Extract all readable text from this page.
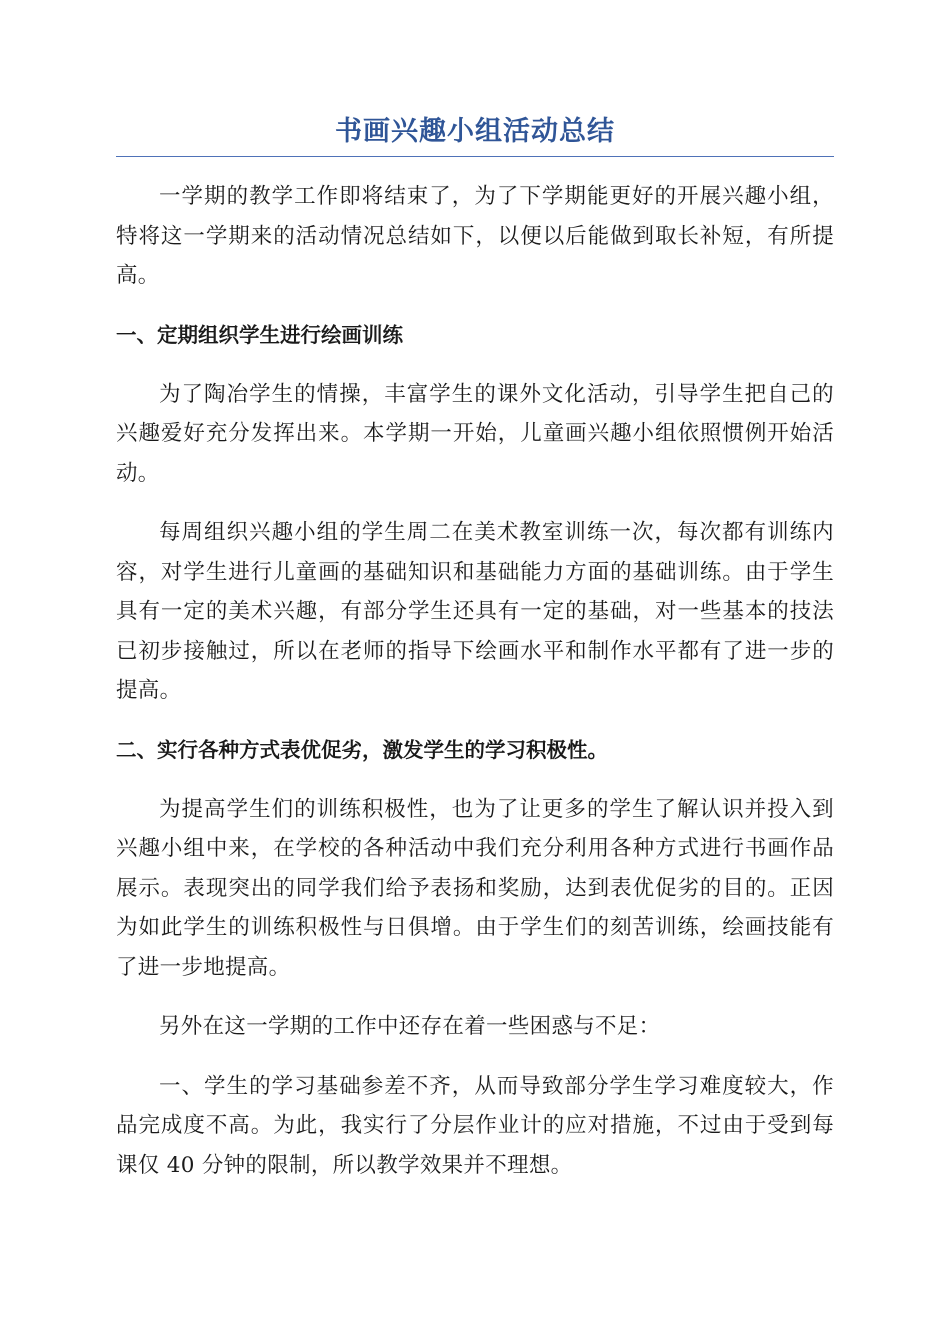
书画兴趣小组活动总结

一学期的教学工作即将结束了，为了下学期能更好的开展兴趣小组，特将这一学期来的活动情况总结如下，以便以后能做到取长补短，有所提高。

一、定期组织学生进行绘画训练

为了陶冶学生的情操，丰富学生的课外文化活动，引导学生把自己的兴趣爱好充分发挥出来。本学期一开始，儿童画兴趣小组依照惯例开始活动。

每周组织兴趣小组的学生周二在美术教室训练一次，每次都有训练内容，对学生进行儿童画的基础知识和基础能力方面的基础训练。由于学生具有一定的美术兴趣，有部分学生还具有一定的基础，对一些基本的技法已初步接触过，所以在老师的指导下绘画水平和制作水平都有了进一步的提高。

二、实行各种方式表优促劣，激发学生的学习积极性。

为提高学生们的训练积极性，也为了让更多的学生了解认识并投入到兴趣小组中来，在学校的各种活动中我们充分利用各种方式进行书画作品展示。表现突出的同学我们给予表扬和奖励，达到表优促劣的目的。正因为如此学生的训练积极性与日俱增。由于学生们的刻苦训练，绘画技能有了进一步地提高。

另外在这一学期的工作中还存在着一些困惑与不足：

一、学生的学习基础参差不齐，从而导致部分学生学习难度较大，作品完成度不高。为此，我实行了分层作业计的应对措施，不过由于受到每课仅 40 分钟的限制，所以教学效果并不理想。
